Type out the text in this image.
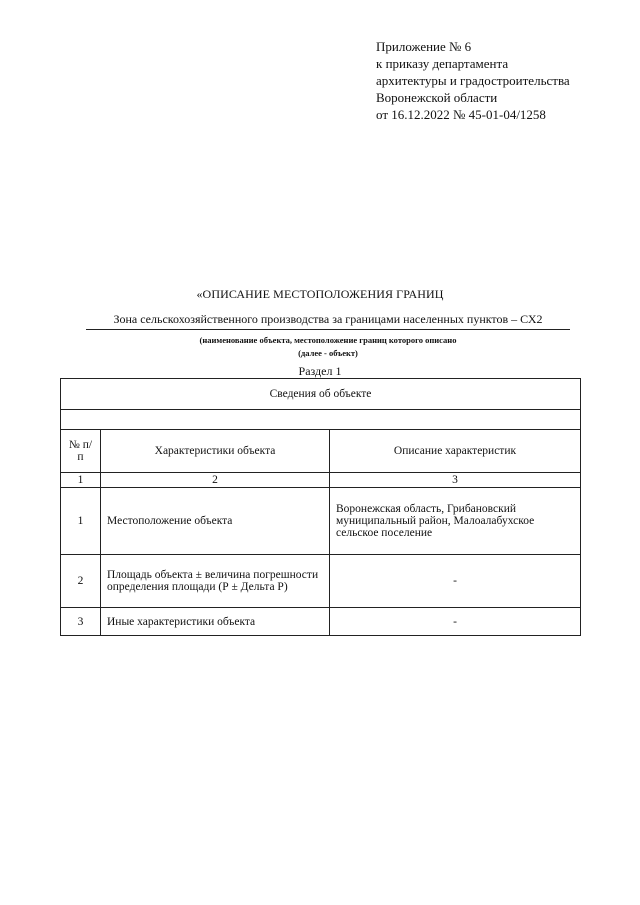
Приложение № 6
к приказу департамента
архитектуры и градостроительства
Воронежской области
от 16.12.2022 № 45-01-04/1258
«ОПИСАНИЕ МЕСТОПОЛОЖЕНИЯ ГРАНИЦ
Зона сельскохозяйственного производства за границами населенных пунктов – СХ2
(наименование объекта, местоположение границ которого описано
(далее - объект)
Раздел 1
Сведения об объекте		

№ п/п	Характеристики объекта	Описание характеристик
1	2	3
1	Местоположение объекта	Воронежская область, Грибановский муниципальный район, Малоалабухское сельское поселение
2	Площадь объекта ± величина погрешности определения площади (Р ± Дельта Р)	-
3	Иные характеристики объекта	-
